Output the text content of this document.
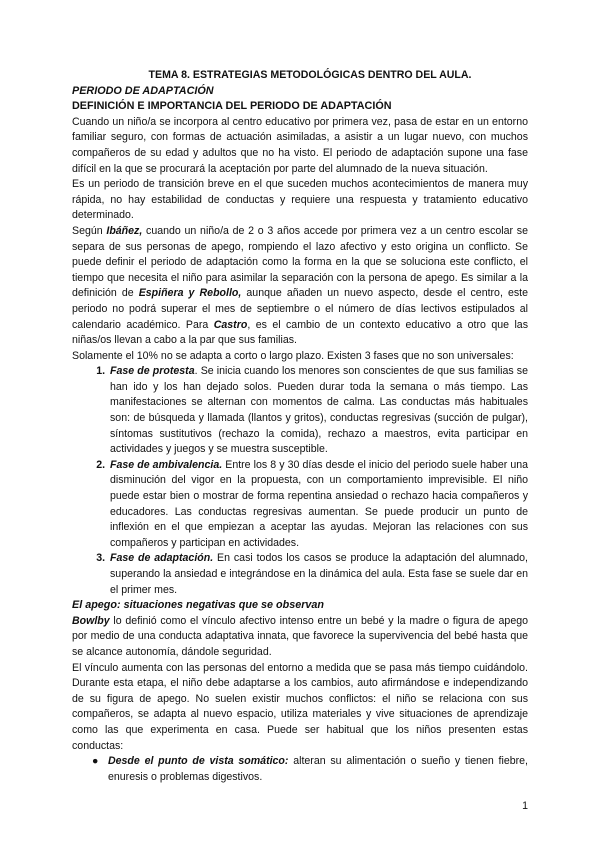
TEMA 8. ESTRATEGIAS METODOLÓGICAS DENTRO DEL AULA.
PERIODO DE ADAPTACIÓN
DEFINICIÓN E IMPORTANCIA DEL PERIODO DE ADAPTACIÓN

Cuando un niño/a se incorpora al centro educativo por primera vez, pasa de estar en un entorno familiar seguro, con formas de actuación asimiladas, a asistir a un lugar nuevo, con muchos compañeros de su edad y adultos que no ha visto. El periodo de adaptación supone una fase difícil en la que se procurará la aceptación por parte del alumnado de la nueva situación.

Es un periodo de transición breve en el que suceden muchos acontecimientos de manera muy rápida, no hay estabilidad de conductas y requiere una respuesta y tratamiento educativo determinado.

Según Ibáñez, cuando un niño/a de 2 o 3 años accede por primera vez a un centro escolar se separa de sus personas de apego, rompiendo el lazo afectivo y esto origina un conflicto. Se puede definir el periodo de adaptación como la forma en la que se soluciona este conflicto, el tiempo que necesita el niño para asimilar la separación con la persona de apego. Es similar a la definición de Espiñera y Rebollo, aunque añaden un nuevo aspecto, desde el centro, este periodo no podrá superar el mes de septiembre o el número de días lectivos estipulados al calendario académico. Para Castro, es el cambio de un contexto educativo a otro que las niñas/os llevan a cabo a la par que sus familias.

Solamente el 10% no se adapta a corto o largo plazo. Existen 3 fases que no son universales:

1. Fase de protesta. Se inicia cuando los menores son conscientes de que sus familias se han ido y los han dejado solos. Pueden durar toda la semana o más tiempo. Las manifestaciones se alternan con momentos de calma. Las conductas más habituales son: de búsqueda y llamada (llantos y gritos), conductas regresivas (succión de pulgar), síntomas sustitutivos (rechazo la comida), rechazo a maestros, evita participar en actividades y juegos y se muestra susceptible.
2. Fase de ambivalencia. Entre los 8 y 30 días desde el inicio del periodo suele haber una disminución del vigor en la propuesta, con un comportamiento imprevisible. El niño puede estar bien o mostrar de forma repentina ansiedad o rechazo hacia compañeros y educadores. Las conductas regresivas aumentan. Se puede producir un punto de inflexión en el que empiezan a aceptar las ayudas. Mejoran las relaciones con sus compañeros y participan en actividades.
3. Fase de adaptación. En casi todos los casos se produce la adaptación del alumnado, superando la ansiedad e integrándose en la dinámica del aula. Esta fase se suele dar en el primer mes.
El apego: situaciones negativas que se observan

Bowlby lo definió como el vínculo afectivo intenso entre un bebé y la madre o figura de apego por medio de una conducta adaptativa innata, que favorece la supervivencia del bebé hasta que se alcance autonomía, dándole seguridad.

El vínculo aumenta con las personas del entorno a medida que se pasa más tiempo cuidándolo. Durante esta etapa, el niño debe adaptarse a los cambios, auto afirmándose e independizando de su figura de apego. No suelen existir muchos conflictos: el niño se relaciona con sus compañeros, se adapta al nuevo espacio, utiliza materiales y vive situaciones de aprendizaje como las que experimenta en casa. Puede ser habitual que los niños presenten estas conductas:

● Desde el punto de vista somático: alteran su alimentación o sueño y tienen fiebre, enuresis o problemas digestivos.
1
